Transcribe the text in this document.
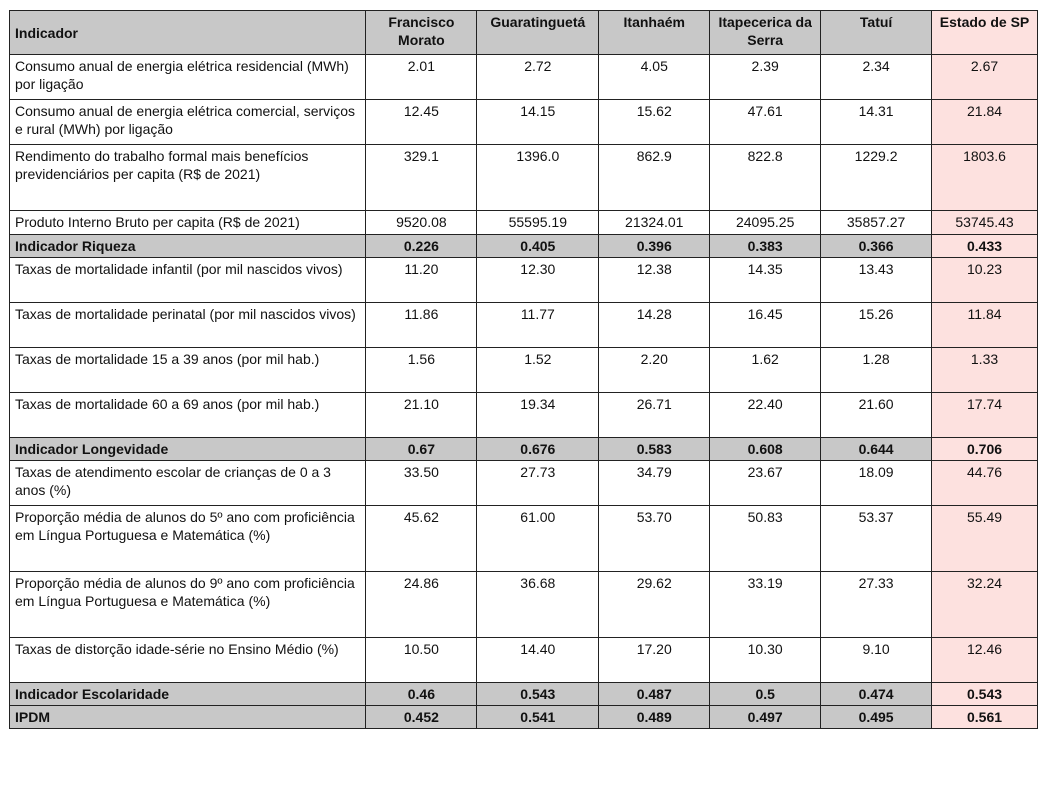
Indicador	Francisco Morato	Guaratinguetá	Itanhaém	Itapecerica da Serra	Tatuí	Estado de SP
Consumo anual de energia elétrica residencial (MWh) por ligação	2.01	2.72	4.05	2.39	2.34	2.67
Consumo anual de energia elétrica comercial, serviços e rural (MWh) por ligação	12.45	14.15	15.62	47.61	14.31	21.84
Rendimento do trabalho formal mais benefícios previdenciários per capita (R$ de 2021)	329.1	1396.0	862.9	822.8	1229.2	1803.6
Produto Interno Bruto per capita (R$ de 2021)	9520.08	55595.19	21324.01	24095.25	35857.27	53745.43
Indicador Riqueza	0.226	0.405	0.396	0.383	0.366	0.433
Taxas de mortalidade infantil (por mil nascidos vivos)	11.20	12.30	12.38	14.35	13.43	10.23
Taxas de mortalidade perinatal (por mil nascidos vivos)	11.86	11.77	14.28	16.45	15.26	11.84
Taxas de mortalidade 15 a 39 anos (por mil hab.)	1.56	1.52	2.20	1.62	1.28	1.33
Taxas de mortalidade 60 a 69 anos (por mil hab.)	21.10	19.34	26.71	22.40	21.60	17.74
Indicador Longevidade	0.67	0.676	0.583	0.608	0.644	0.706
Taxas de atendimento escolar de crianças de 0 a 3 anos (%)	33.50	27.73	34.79	23.67	18.09	44.76
Proporção média de alunos do 5º ano com proficiência em Língua Portuguesa e Matemática (%)	45.62	61.00	53.70	50.83	53.37	55.49
Proporção média de alunos do 9º ano com proficiência em Língua Portuguesa e Matemática (%)	24.86	36.68	29.62	33.19	27.33	32.24
Taxas de distorção idade-série no Ensino Médio (%)	10.50	14.40	17.20	10.30	9.10	12.46
Indicador Escolaridade	0.46	0.543	0.487	0.5	0.474	0.543
IPDM	0.452	0.541	0.489	0.497	0.495	0.561
